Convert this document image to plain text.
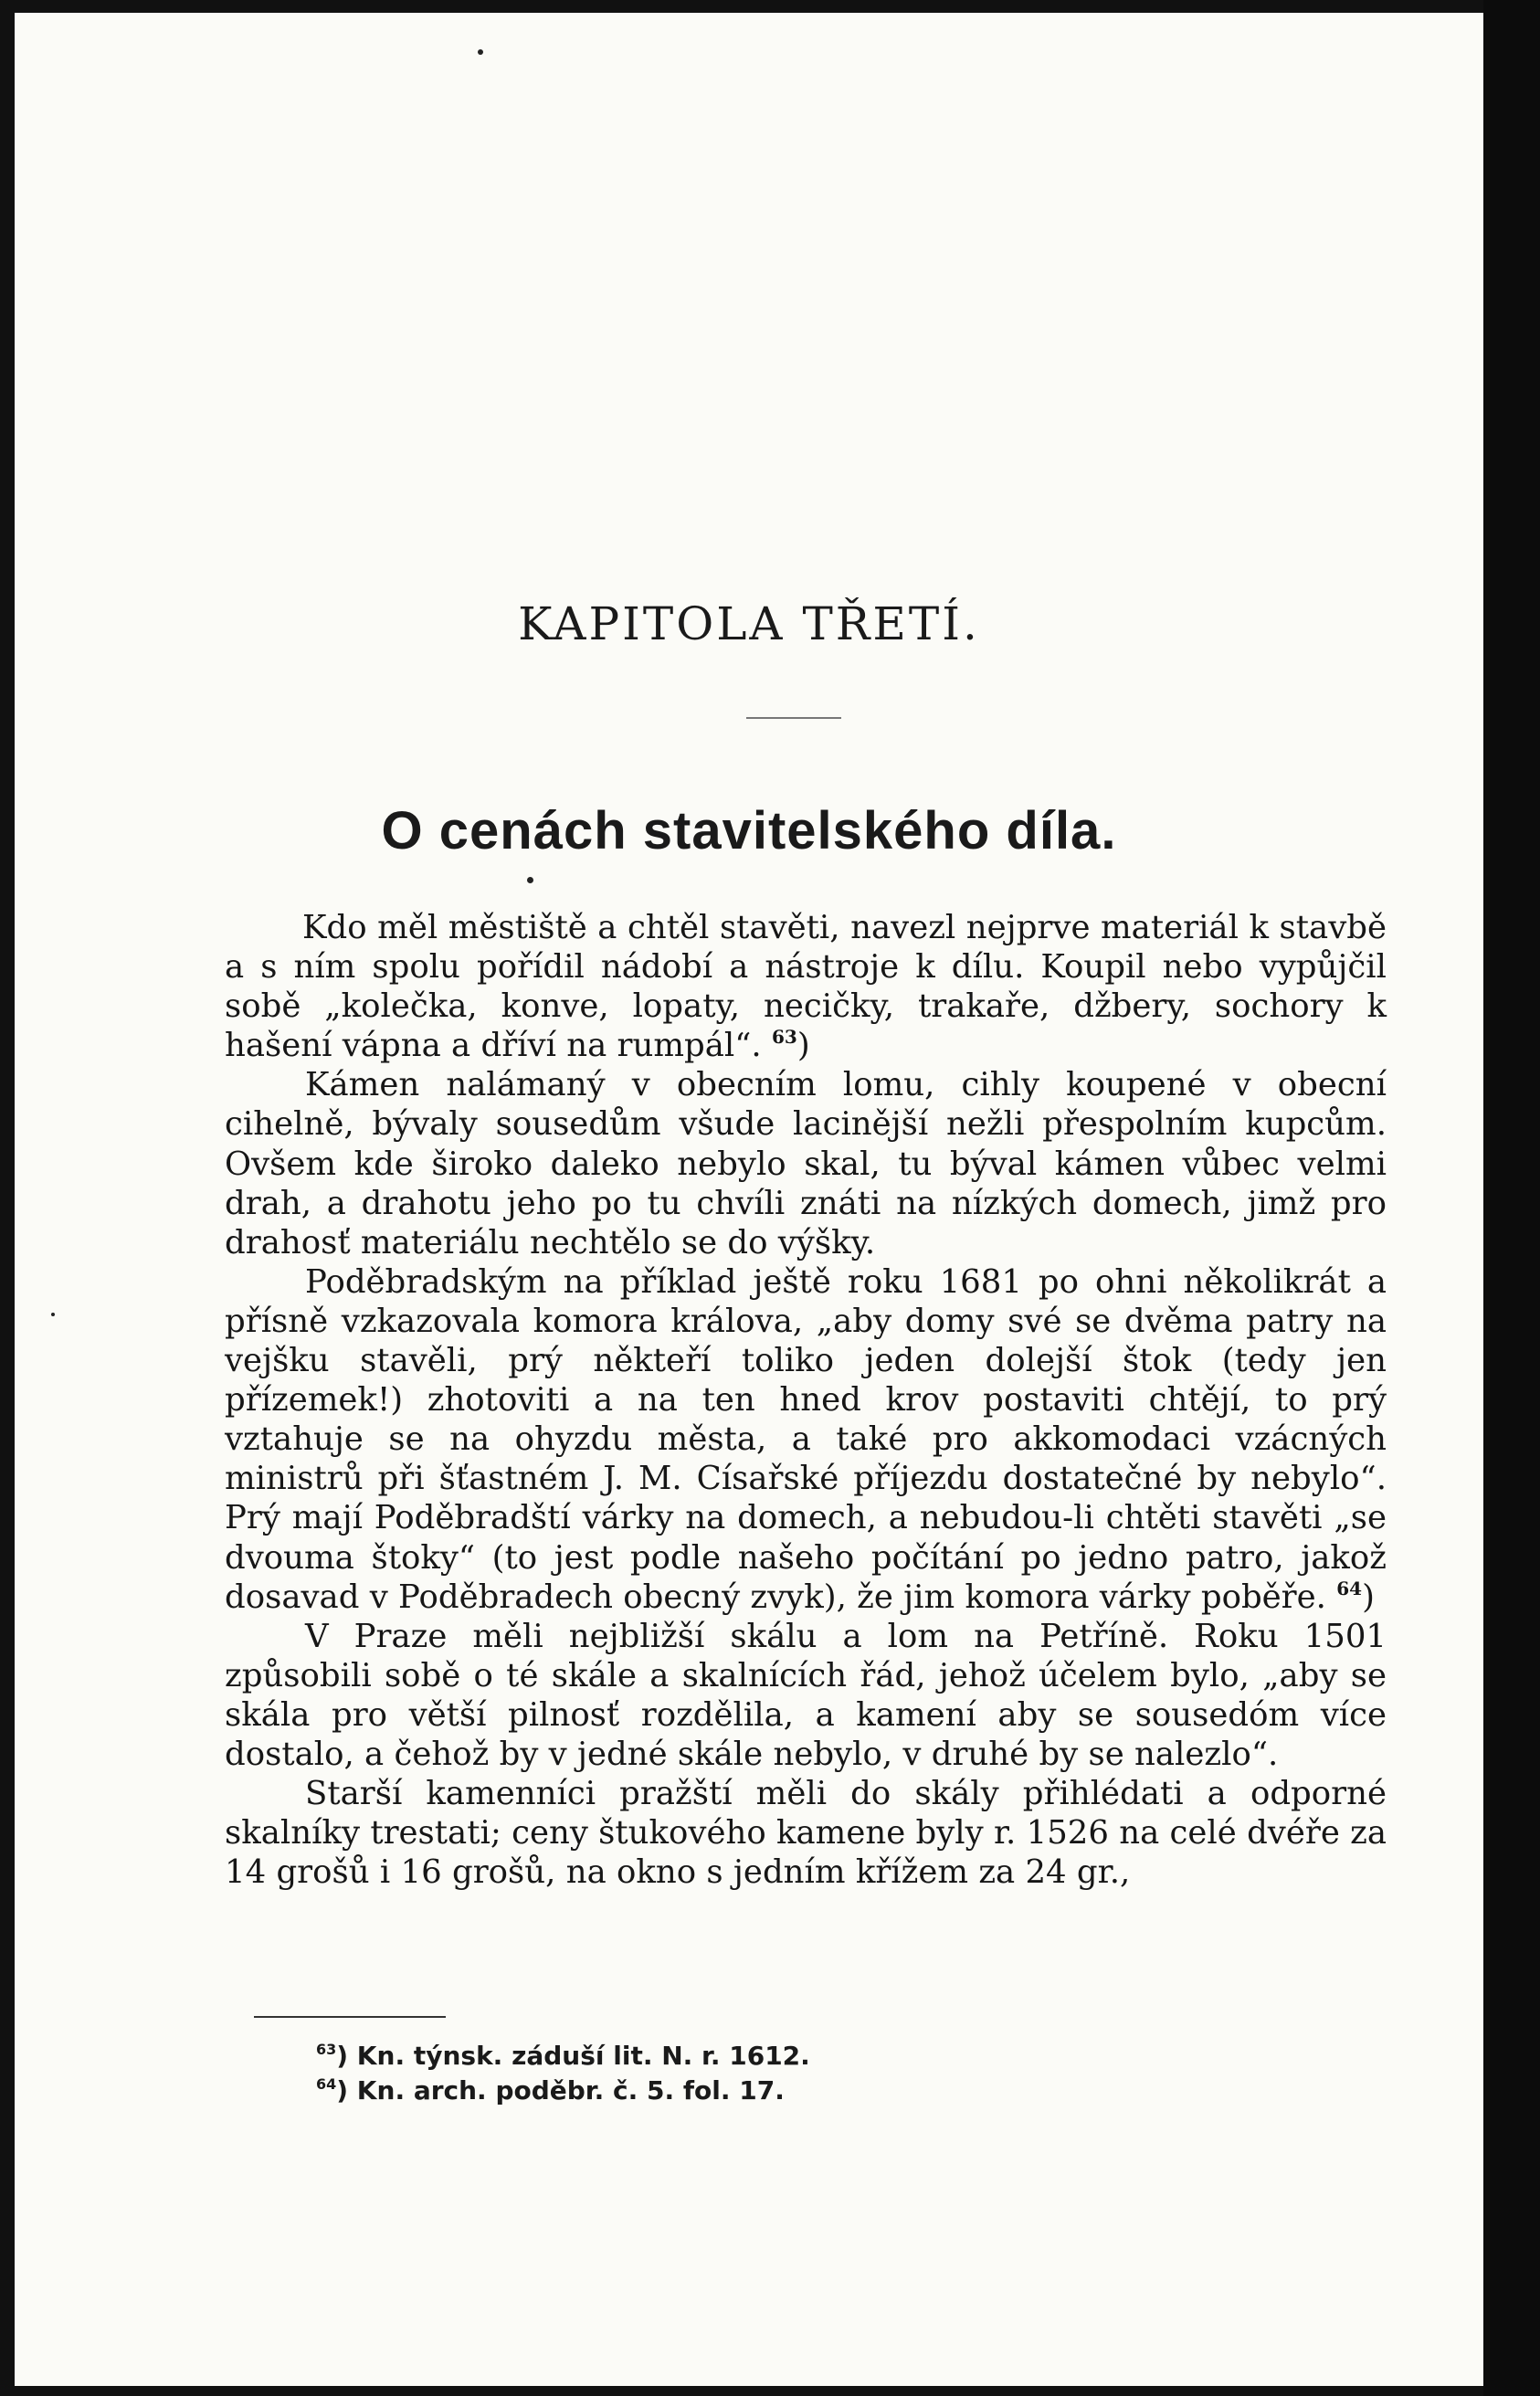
KAPITOLA TŘETÍ.
O cenách stavitelského díla.

Kdo měl městiště a chtěl stavěti, navezl nejprve materiál k stavbě a s ním spolu pořídil nádobí a nástroje k dílu. Koupil nebo vypůjčil sobě „kolečka, konve, lopaty, necičky, trakaře, džbery, sochory k hašení vápna a dříví na rumpál“. $^{63}$)

Kámen nalámaný v obecním lomu, cihly koupené v obecní cihelně, bývaly sousedům všude lacinější nežli přespolním kupcům. Ovšem kde široko daleko nebylo skal, tu býval kámen vůbec velmi drah, a drahotu jeho po tu chvíli znáti na nízkých domech, jimž pro drahosť materiálu nechtělo se do výšky.

Poděbradským na příklad ještě roku 1681 po ohni několikrát a přísně vzkazovala komora králova, „aby domy své se dvěma patry na vejšku stavěli, prý někteří toliko jeden dolejší štok (tedy jen přízemek!) zhotoviti a na ten hned krov postaviti chtějí, to prý vztahuje se na ohyzdu města, a také pro akkomodaci vzácných ministrů při šťastném J. M. Císařské příjezdu dostatečné by nebylo“. Prý mají Poděbradští várky na domech, a nebudou-li chtěti stavěti „se dvouma štoky“ (to jest podle našeho počítání po jedno patro, jakož dosavad v Poděbradech obecný zvyk), že jim komora várky poběře. $^{64}$)

V Praze měli nejbližší skálu a lom na Petříně. Roku 1501 způsobili sobě o té skále a skalnících řád, jehož účelem bylo, „aby se skála pro větší pilnosť rozdělila, a kamení aby se sousedóm více dostalo, a čehož by v jedné skále nebylo, v druhé by se nalezlo“.

Starší kamenníci pražští měli do skály přihlédati a odporné skalníky trestati; ceny štukového kamene byly r. 1526 na celé dvéře za 14 grošů i 16 grošů, na okno s jedním křížem za 24 gr.,

$^{63}$) Kn. týnsk. záduší lit. N. r. 1612.
$^{64}$) Kn. arch. poděbr. č. 5. fol. 17.
